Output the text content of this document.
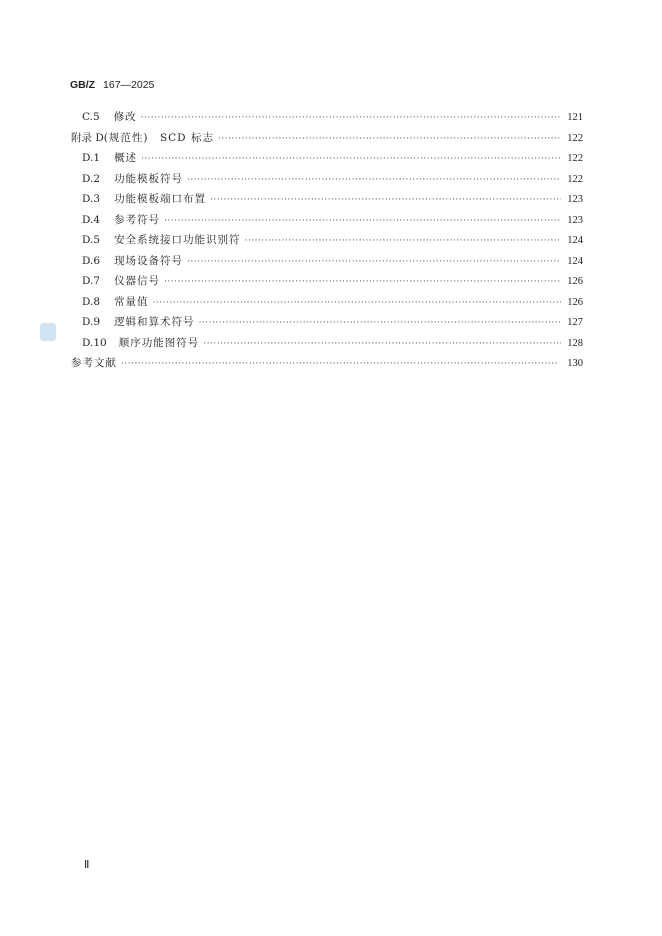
GB/Z 167—2025
C.5 修改 ·····	121
附录 D (规范性)　SCD 标志 ·····	122
D.1 概述 ·····	122
D.2 功能模板符号 ·····	122
D.3 功能模板端口布置 ·····	123
D.4 参考符号 ·····	123
D.5 安全系统接口功能识别符 ·····	124
D.6 现场设备符号 ·····	124
D.7 仪器信号 ·····	126
D.8 常量值 ·····	126
D.9 逻辑和算术符号 ·····	127
D.10 顺序功能图符号 ·····	128
参考文献 ·····	130
Ⅱ
